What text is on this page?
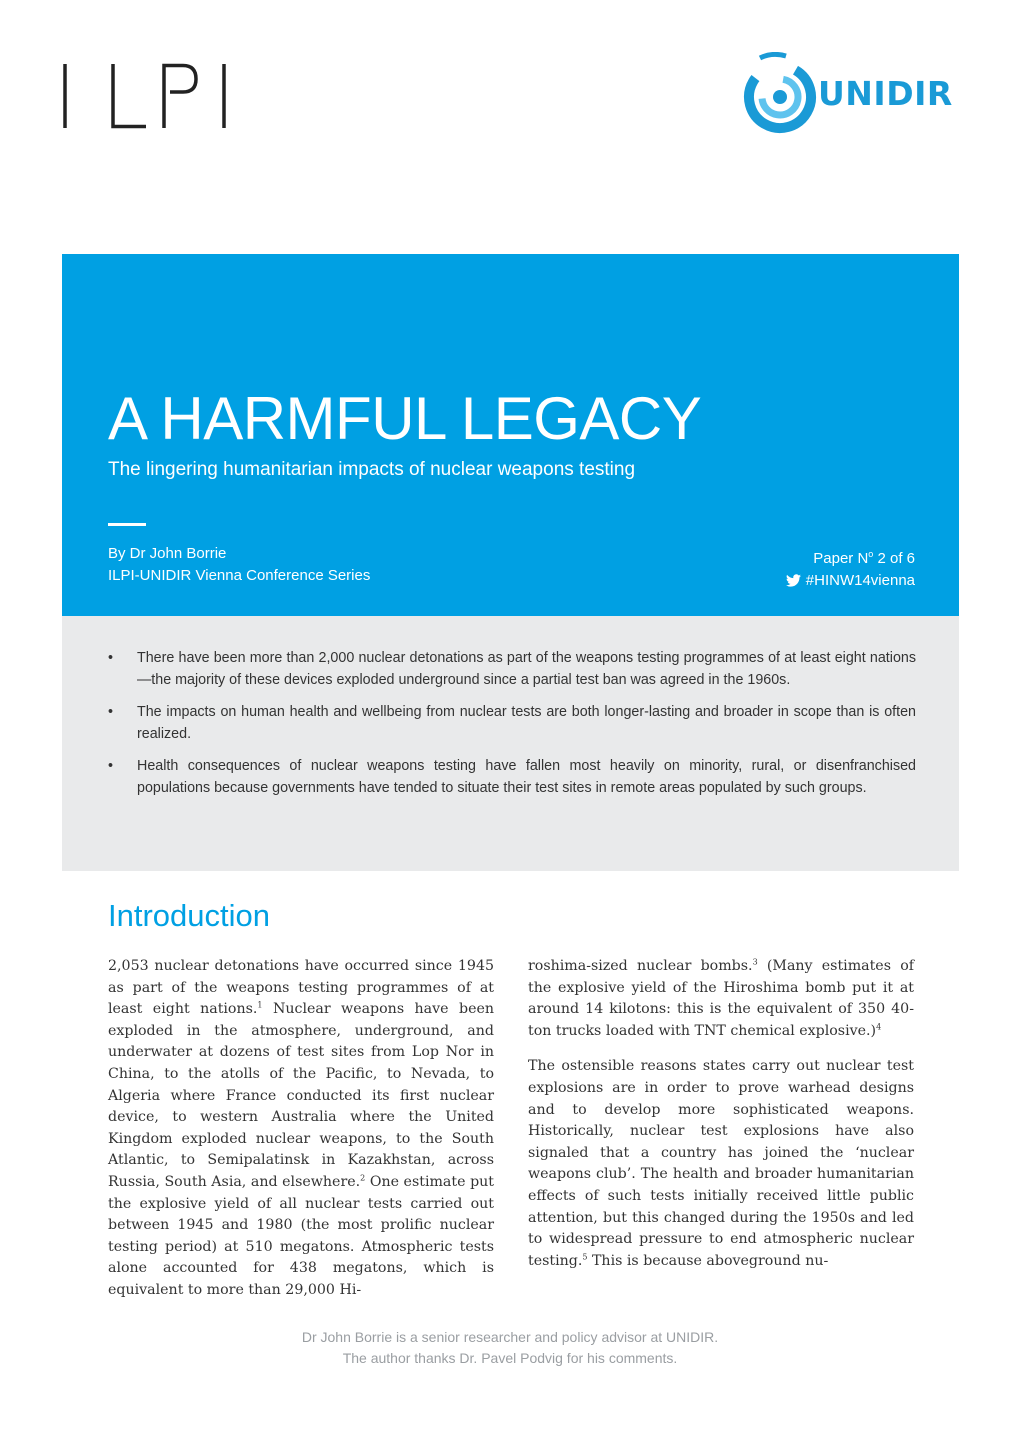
UNIDIR
A HARMFUL LEGACY

The lingering humanitarian impacts of nuclear weapons testing

By Dr John Borrie
ILPI-UNIDIR Vienna Conference Series
Paper $N^o$ 2 of 6
#HINW14vienna
• There have been more than 2,000 nuclear detonations as part of the weapons testing programmes of at least eight nations—the majority of these devices exploded underground since a partial test ban was agreed in the 1960s.
• The impacts on human health and wellbeing from nuclear tests are both longer-lasting and broader in scope than is often realized.
• Health consequences of nuclear weapons testing have fallen most heavily on minority, rural, or disenfranchised populations because governments have tended to situate their test sites in remote areas populated by such groups.
Introduction

2,053 nuclear detonations have occurred since 1945 as part of the weapons testing programmes of at least eight nations.$^1$ Nuclear weapons have been exploded in the atmosphere, underground, and underwater at dozens of test sites from Lop Nor in China, to the atolls of the Pacific, to Nevada, to Algeria where France conducted its first nuclear device, to western Australia where the United Kingdom exploded nuclear weapons, to the South Atlantic, to Semipalatinsk in Kazakhstan, across Russia, South Asia, and elsewhere.$^2$ One estimate put the explosive yield of all nuclear tests carried out between 1945 and 1980 (the most prolific nuclear testing period) at 510 megatons. Atmospheric tests alone accounted for 438 megatons, which is equivalent to more than 29,000 Hi-

roshima-sized nuclear bombs.$^3$ (Many estimates of the explosive yield of the Hiroshima bomb put it at around 14 kilotons: this is the equivalent of 350 40-ton trucks loaded with TNT chemical explosive.)$^4$

The ostensible reasons states carry out nuclear test explosions are in order to prove warhead designs and to develop more sophisticated weapons. Historically, nuclear test explosions have also signaled that a country has joined the ‘nuclear weapons club’. The health and broader humanitarian effects of such tests initially received little public attention, but this changed during the 1950s and led to widespread pressure to end atmospheric nuclear testing.$^5$ This is because aboveground nu-

Dr John Borrie is a senior researcher and policy advisor at UNIDIR.
The author thanks Dr. Pavel Podvig for his comments.
